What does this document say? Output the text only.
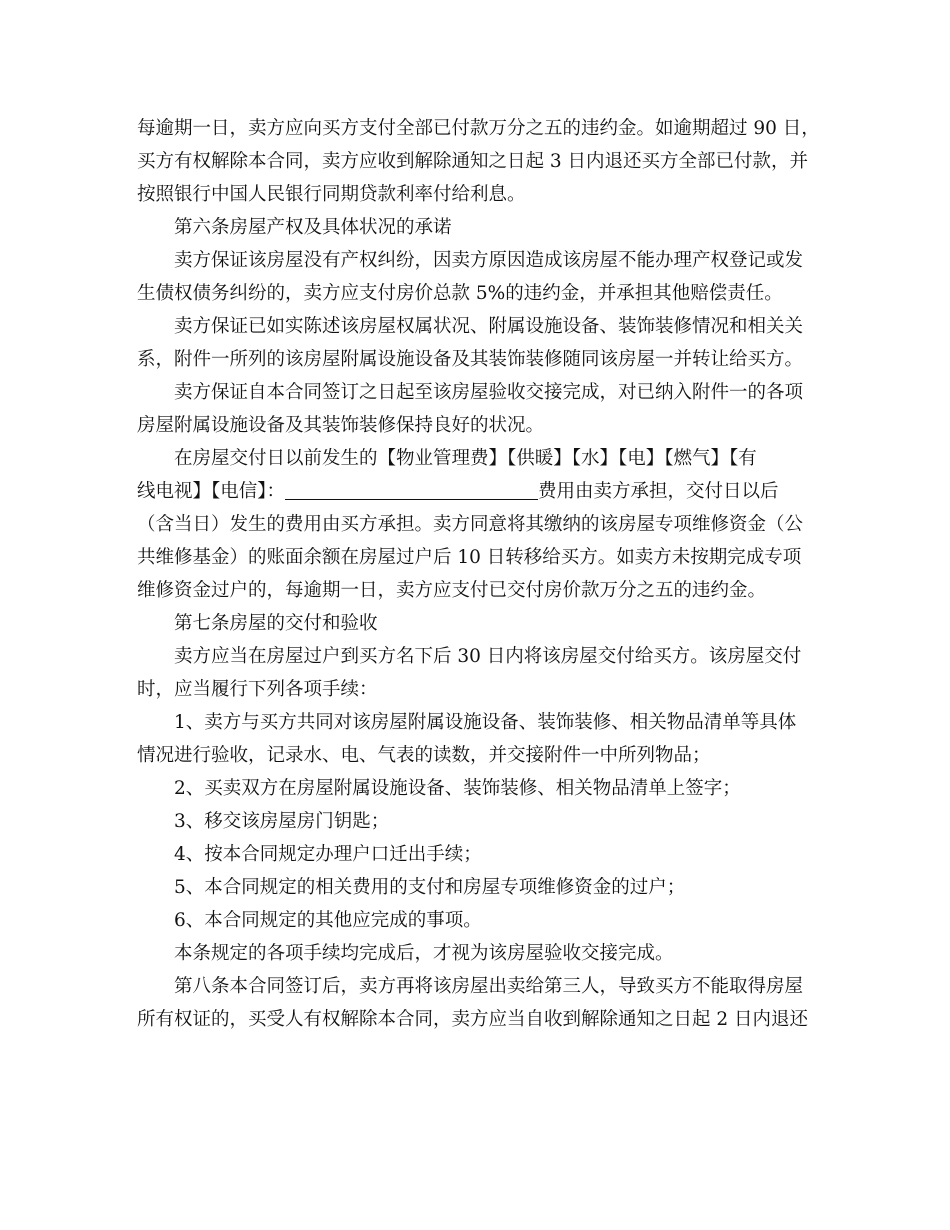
每逾期一日，卖方应向买方支付全部已付款万分之五的违约金。如逾期超过 90 日，
买方有权解除本合同，卖方应收到解除通知之日起 3 日内退还买方全部已付款，并
按照银行中国人民银行同期贷款利率付给利息。
第六条房屋产权及具体状况的承诺
卖方保证该房屋没有产权纠纷，因卖方原因造成该房屋不能办理产权登记或发
生债权债务纠纷的，卖方应支付房价总款 5%的违约金，并承担其他赔偿责任。
卖方保证已如实陈述该房屋权属状况、附属设施设备、装饰装修情况和相关关
系，附件一所列的该房屋附属设施设备及其装饰装修随同该房屋一并转让给买方。
卖方保证自本合同签订之日起至该房屋验收交接完成，对已纳入附件一的各项
房屋附属设施设备及其装饰装修保持良好的状况。
在房屋交付日以前发生的【物业管理费】【供暖】【水】【电】【燃气】【有
线电视】【电信】：	费用由卖方承担，交付日以后
（含当日）发生的费用由买方承担。卖方同意将其缴纳的该房屋专项维修资金（公
共维修基金）的账面余额在房屋过户后 10 日转移给买方。如卖方未按期完成专项
维修资金过户的，每逾期一日，卖方应支付已交付房价款万分之五的违约金。
第七条房屋的交付和验收
卖方应当在房屋过户到买方名下后 30 日内将该房屋交付给买方。该房屋交付
时，应当履行下列各项手续：
1、卖方与买方共同对该房屋附属设施设备、装饰装修、相关物品清单等具体
情况进行验收，记录水、电、气表的读数，并交接附件一中所列物品；
2、买卖双方在房屋附属设施设备、装饰装修、相关物品清单上签字；
3、移交该房屋房门钥匙；
4、按本合同规定办理户口迁出手续；
5、本合同规定的相关费用的支付和房屋专项维修资金的过户；
6、本合同规定的其他应完成的事项。
本条规定的各项手续均完成后，才视为该房屋验收交接完成。
第八条本合同签订后，卖方再将该房屋出卖给第三人，导致买方不能取得房屋
所有权证的，买受人有权解除本合同，卖方应当自收到解除通知之日起 2 日内退还
